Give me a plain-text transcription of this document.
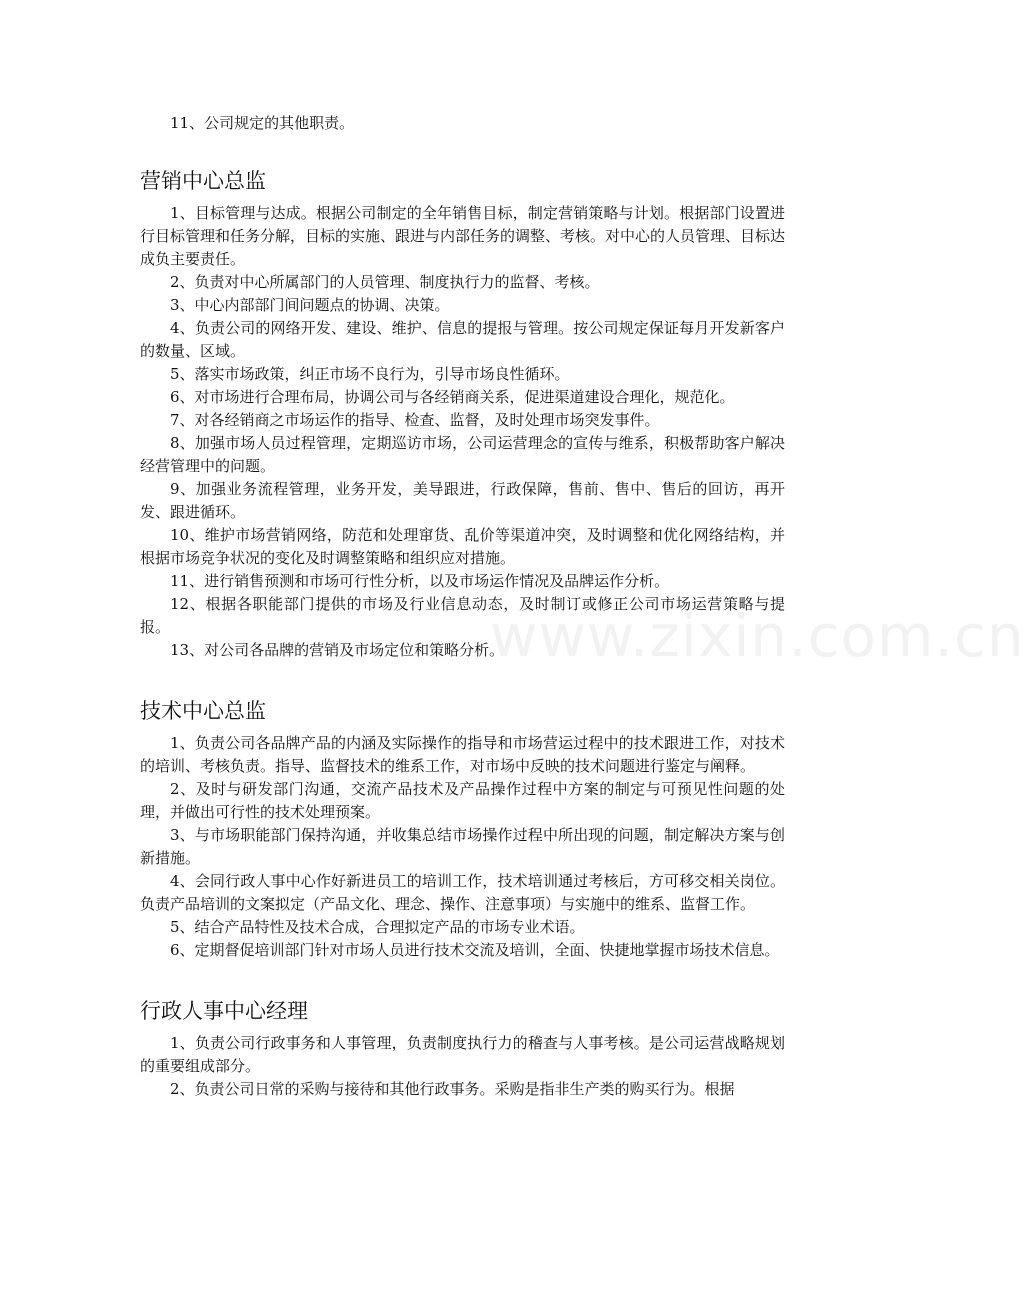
11、公司规定的其他职责。

营销中心总监

1、目标管理与达成。根据公司制定的全年销售目标，制定营销策略与计划。根据部门设置进行目标管理和任务分解，目标的实施、跟进与内部任务的调整、考核。对中心的人员管理、目标达成负主要责任。

2、负责对中心所属部门的人员管理、制度执行力的监督、考核。

3、中心内部部门间问题点的协调、决策。

4、负责公司的网络开发、建设、维护、信息的提报与管理。按公司规定保证每月开发新客户的数量、区域。

5、落实市场政策，纠正市场不良行为，引导市场良性循环。

6、对市场进行合理布局，协调公司与各经销商关系，促进渠道建设合理化，规范化。

7、对各经销商之市场运作的指导、检查、监督，及时处理市场突发事件。

8、加强市场人员过程管理，定期巡访市场，公司运营理念的宣传与维系，积极帮助客户解决经营管理中的问题。

9、加强业务流程管理，业务开发，美导跟进，行政保障，售前、售中、售后的回访，再开发、跟进循环。

10、维护市场营销网络，防范和处理窜货、乱价等渠道冲突，及时调整和优化网络结构，并根据市场竞争状况的变化及时调整策略和组织应对措施。

11、进行销售预测和市场可行性分析，以及市场运作情况及品牌运作分析。

12、根据各职能部门提供的市场及行业信息动态，及时制订或修正公司市场运营策略与提报。

13、对公司各品牌的营销及市场定位和策略分析。

技术中心总监

1、负责公司各品牌产品的内涵及实际操作的指导和市场营运过程中的技术跟进工作，对技术的培训、考核负责。指导、监督技术的维系工作，对市场中反映的技术问题进行鉴定与阐释。

2、及时与研发部门沟通，交流产品技术及产品操作过程中方案的制定与可预见性问题的处理，并做出可行性的技术处理预案。

3、与市场职能部门保持沟通，并收集总结市场操作过程中所出现的问题，制定解决方案与创新措施。

4、会同行政人事中心作好新进员工的培训工作，技术培训通过考核后，方可移交相关岗位。负责产品培训的文案拟定（产品文化、理念、操作、注意事项）与实施中的维系、监督工作。

5、结合产品特性及技术合成，合理拟定产品的市场专业术语。

6、定期督促培训部门针对市场人员进行技术交流及培训，全面、快捷地掌握市场技术信息。

行政人事中心经理

1、负责公司行政事务和人事管理，负责制度执行力的稽查与人事考核。是公司运营战略规划的重要组成部分。

2、负责公司日常的采购与接待和其他行政事务。采购是指非生产类的购买行为。根据

www.zixin.com.cn
